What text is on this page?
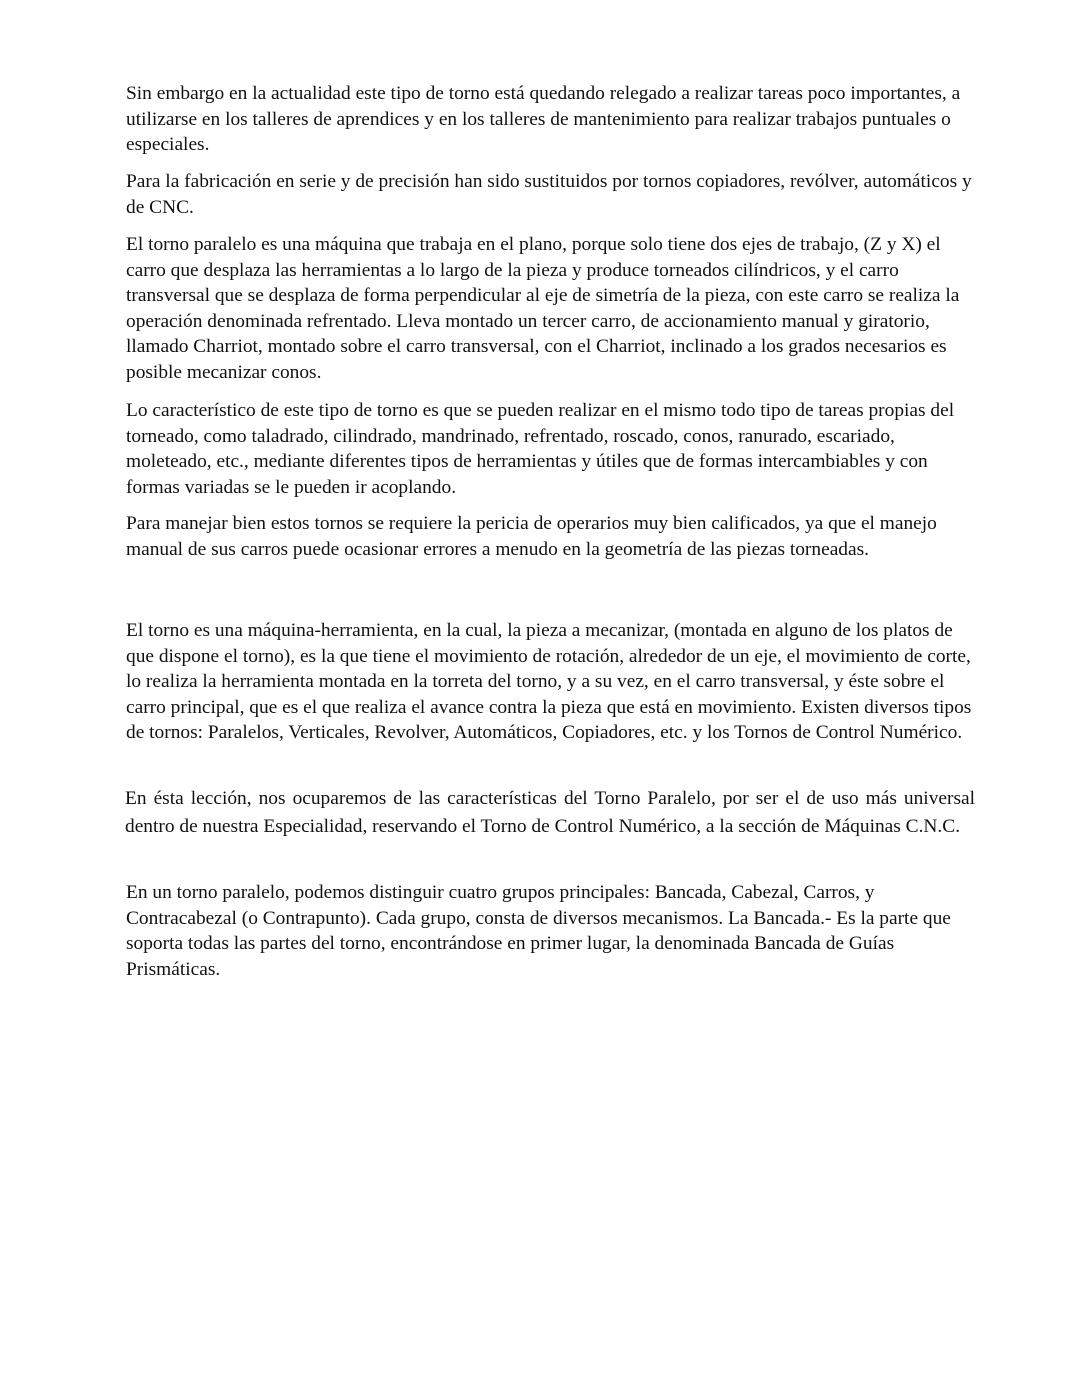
Sin embargo en la actualidad este tipo de torno está quedando relegado a realizar tareas poco importantes, a utilizarse en los talleres de aprendices y en los talleres de mantenimiento para realizar trabajos puntuales o especiales.

Para la fabricación en serie y de precisión han sido sustituidos por tornos copiadores, revólver, automáticos y de CNC.

El torno paralelo es una máquina que trabaja en el plano, porque solo tiene dos ejes de trabajo, (Z y X) el carro que desplaza las herramientas a lo largo de la pieza y produce torneados cilíndricos, y el carro transversal que se desplaza de forma perpendicular al eje de simetría de la pieza, con este carro se realiza la operación denominada refrentado. Lleva montado un tercer carro, de accionamiento manual y giratorio, llamado Charriot, montado sobre el carro transversal, con el Charriot, inclinado a los grados necesarios es posible mecanizar conos.

Lo característico de este tipo de torno es que se pueden realizar en el mismo todo tipo de tareas propias del torneado, como taladrado, cilindrado, mandrinado, refrentado, roscado, conos, ranurado, escariado, moleteado, etc., mediante diferentes tipos de herramientas y útiles que de formas intercambiables y con formas variadas se le pueden ir acoplando.

Para manejar bien estos tornos se requiere la pericia de operarios muy bien calificados, ya que el manejo manual de sus carros puede ocasionar errores a menudo en la geometría de las piezas torneadas.

El torno es una máquina-herramienta, en la cual, la pieza a mecanizar, (montada en alguno de los platos de que dispone el torno), es la que tiene el movimiento de rotación, alrededor de un eje, el movimiento de corte, lo realiza la herramienta montada en la torreta del torno, y a su vez, en el carro transversal, y éste sobre el carro principal, que es el que realiza el avance contra la pieza que está en movimiento. Existen diversos tipos de tornos: Paralelos, Verticales, Revolver, Automáticos, Copiadores, etc. y los Tornos de Control Numérico.

En ésta lección, nos ocuparemos de las características del Torno Paralelo, por ser el de uso más universal dentro de nuestra Especialidad, reservando el Torno de Control Numérico, a la sección de Máquinas C.N.C.

En un torno paralelo, podemos distinguir cuatro grupos principales: Bancada, Cabezal, Carros, y Contracabezal (o Contrapunto). Cada grupo, consta de diversos mecanismos. La Bancada.- Es la parte que soporta todas las partes del torno, encontrándose en primer lugar, la denominada Bancada de Guías Prismáticas.
